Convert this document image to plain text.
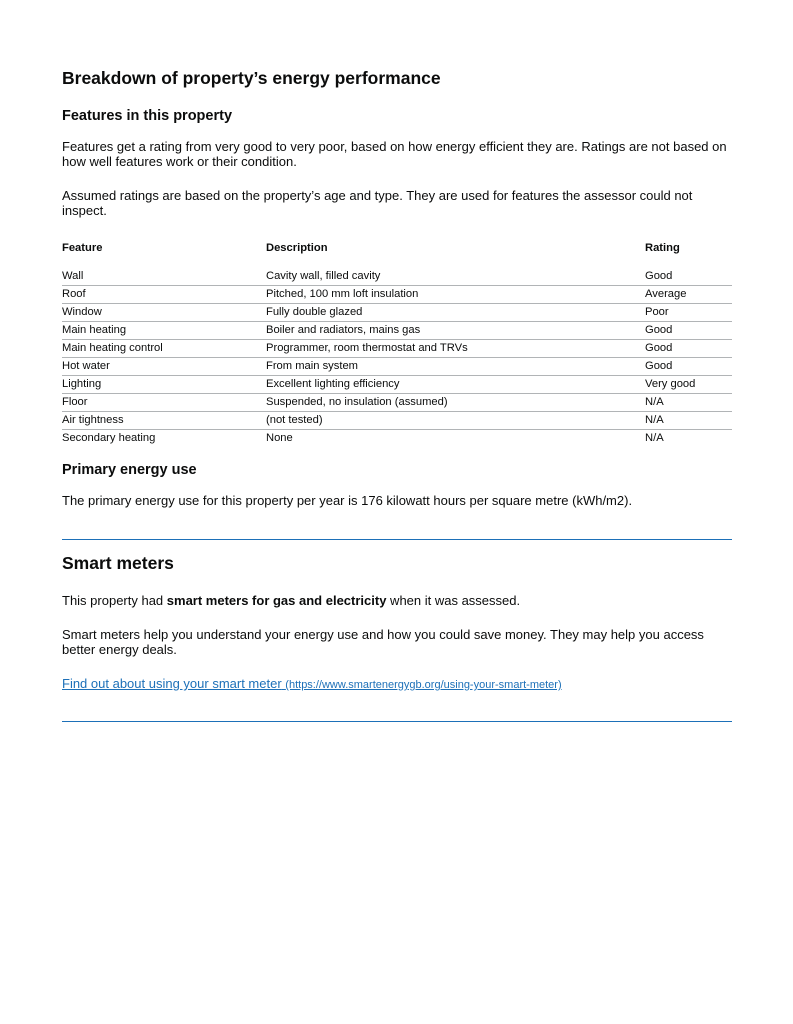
Breakdown of property’s energy performance
Features in this property

Features get a rating from very good to very poor, based on how energy efficient they are. Ratings are not based on how well features work or their condition.

Assumed ratings are based on the property’s age and type. They are used for features the assessor could not inspect.

Feature	Description	Rating
Wall	Cavity wall, filled cavity	Good
Roof	Pitched, 100 mm loft insulation	Average
Window	Fully double glazed	Poor
Main heating	Boiler and radiators, mains gas	Good
Main heating control	Programmer, room thermostat and TRVs	Good
Hot water	From main system	Good
Lighting	Excellent lighting efficiency	Very good
Floor	Suspended, no insulation (assumed)	N/A
Air tightness	(not tested)	N/A
Secondary heating	None	N/A
Primary energy use

The primary energy use for this property per year is 176 kilowatt hours per square metre (kWh/m2).

Smart meters

This property had smart meters for gas and electricity when it was assessed.

Smart meters help you understand your energy use and how you could save money. They may help you access better energy deals.

Find out about using your smart meter (https://www.smartenergygb.org/using-your-smart-meter)
